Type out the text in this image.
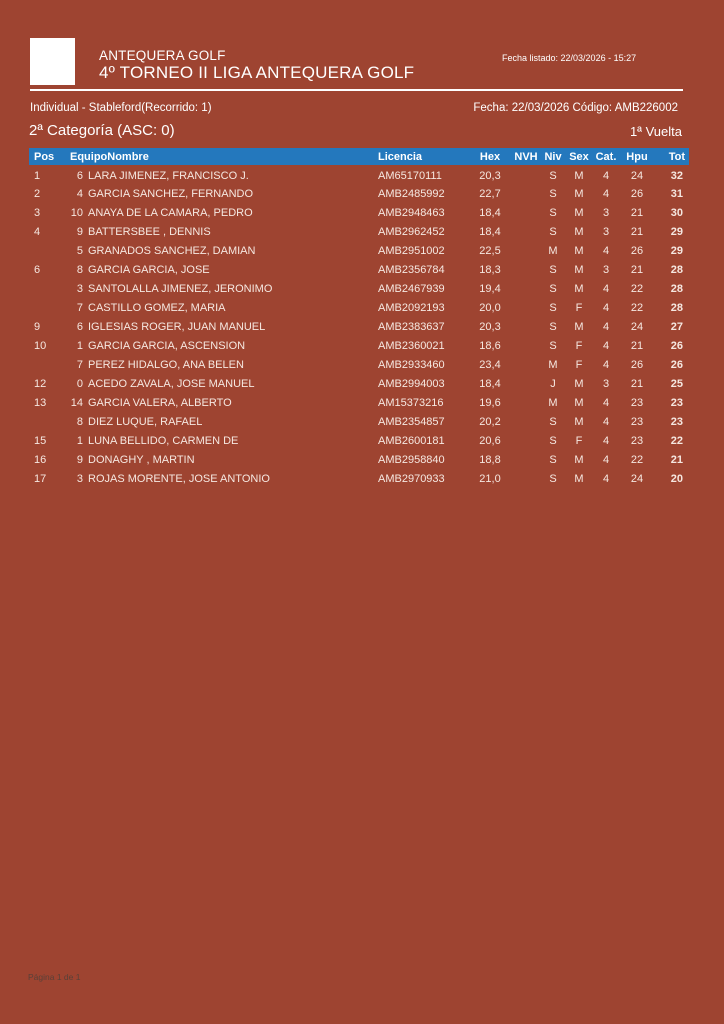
ANTEQUERA GOLF
4º TORNEO II LIGA ANTEQUERA GOLF
Fecha listado: 22/03/2026 - 15:27
Individual - Stableford(Recorrido: 1)	Fecha: 22/03/2026 Código: AMB226002
2ª Categoría (ASC: 0)	1ª Vuelta
Pos	EquipoNombre		Licencia	Hex	NVH	Niv	Sex	Cat.	Hpu	Tot
1	6	LARA JIMENEZ, FRANCISCO J.	AM65170111	20,3		S	M	4	24	32
2	4	GARCIA SANCHEZ, FERNANDO	AMB2485992	22,7		S	M	4	26	31
3	10	ANAYA DE LA CAMARA, PEDRO	AMB2948463	18,4		S	M	3	21	30
4	9	BATTERSBEE , DENNIS	AMB2962452	18,4		S	M	3	21	29
	5	GRANADOS SANCHEZ, DAMIAN	AMB2951002	22,5		M	M	4	26	29
6	8	GARCIA GARCIA, JOSE	AMB2356784	18,3		S	M	3	21	28
	3	SANTOLALLA JIMENEZ, JERONIMO	AMB2467939	19,4		S	M	4	22	28
	7	CASTILLO GOMEZ, MARIA	AMB2092193	20,0		S	F	4	22	28
9	6	IGLESIAS ROGER, JUAN MANUEL	AMB2383637	20,3		S	M	4	24	27
10	1	GARCIA GARCIA, ASCENSION	AMB2360021	18,6		S	F	4	21	26
	7	PEREZ HIDALGO, ANA BELEN	AMB2933460	23,4		M	F	4	26	26
12	0	ACEDO ZAVALA, JOSE MANUEL	AMB2994003	18,4		J	M	3	21	25
13	14	GARCIA VALERA, ALBERTO	AM15373216	19,6		M	M	4	23	23
	8	DIEZ LUQUE, RAFAEL	AMB2354857	20,2		S	M	4	23	23
15	1	LUNA BELLIDO, CARMEN DE	AMB2600181	20,6		S	F	4	23	22
16	9	DONAGHY , MARTIN	AMB2958840	18,8		S	M	4	22	21
17	3	ROJAS MORENTE, JOSE ANTONIO	AMB2970933	21,0		S	M	4	24	20
Página 1 de 1
